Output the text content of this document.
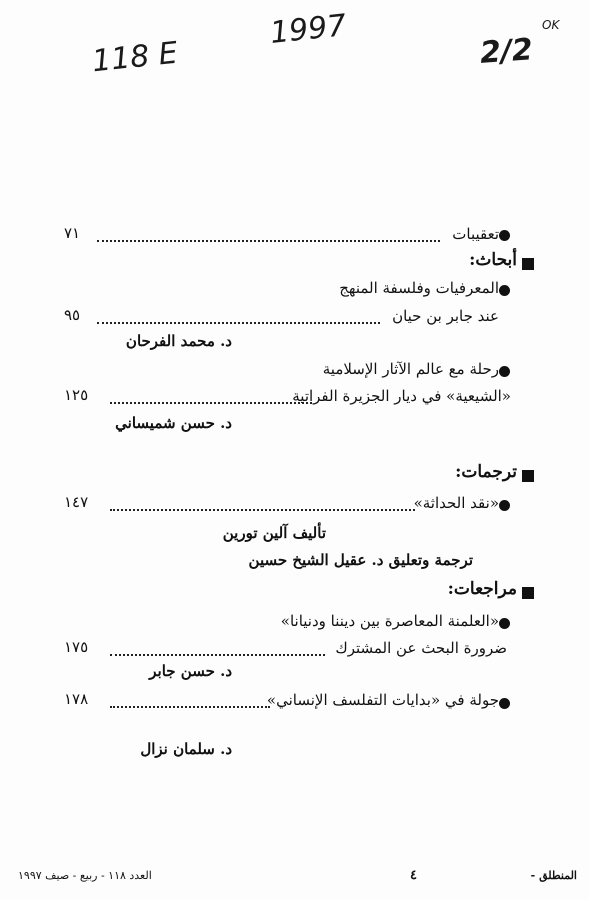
118 E
1997
2/2
OK
تعقيبات
٧١
أبحاث:
المعرفيات وفلسفة المنهج
عند جابر بن حيان
٩٥
د. محمد الفرحان
رحلة مع عالم الآثار الإسلامية
«الشيعية» في ديار الجزيرة الفراتية
١٢٥
د. حسن شميساني
ترجمات:
«نقد الحداثة»
١٤٧
تأليف آلين تورين
ترجمة وتعليق د. عقيل الشيخ حسين
مراجعات:
«العلمنة المعاصرة بين ديننا ودنيانا»
ضرورة البحث عن المشترك
١٧٥
د. حسن جابر
جولة في «بدايات التفلسف الإنساني»
١٧٨
د. سلمان نزال
المنطلق -
٤
العدد ١١٨ - ربيع - صيف ١٩٩٧
